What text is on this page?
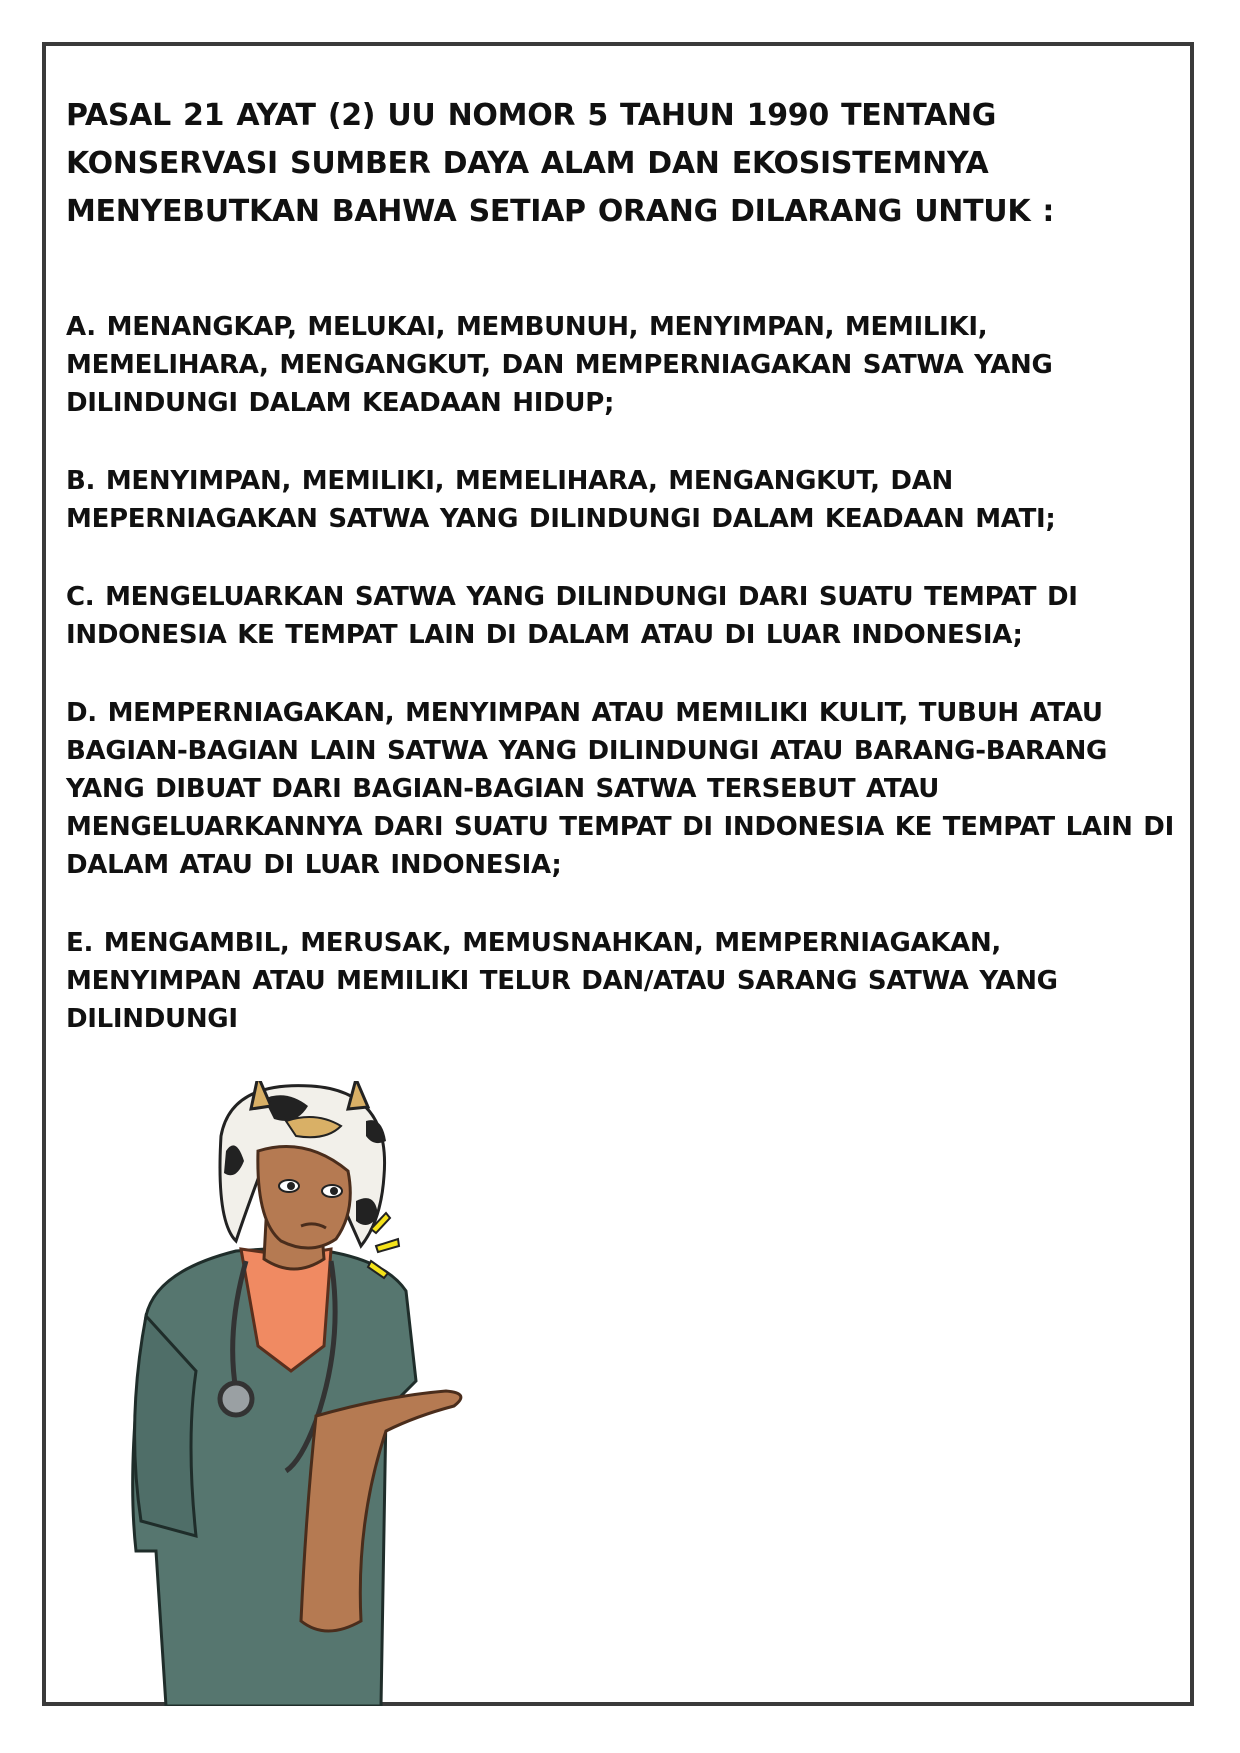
PASAL 21 AYAT (2) UU NOMOR 5 TAHUN 1990 TENTANG KONSERVASI SUMBER DAYA ALAM DAN EKOSISTEMNYA MENYEBUTKAN BAHWA SETIAP ORANG DILARANG UNTUK :

A. MENANGKAP, MELUKAI, MEMBUNUH, MENYIMPAN, MEMILIKI, MEMELIHARA, MENGANGKUT, DAN MEMPERNIAGAKAN SATWA YANG DILINDUNGI DALAM KEADAAN HIDUP;

B. MENYIMPAN, MEMILIKI, MEMELIHARA, MENGANGKUT, DAN MEPERNIAGAKAN SATWA YANG DILINDUNGI DALAM KEADAAN MATI;

C. MENGELUARKAN SATWA YANG DILINDUNGI DARI SUATU TEMPAT DI INDONESIA KE TEMPAT LAIN DI DALAM ATAU DI LUAR INDONESIA;

D. MEMPERNIAGAKAN, MENYIMPAN ATAU MEMILIKI KULIT, TUBUH ATAU BAGIAN-BAGIAN LAIN SATWA YANG DILINDUNGI ATAU BARANG-BARANG YANG DIBUAT DARI BAGIAN-BAGIAN SATWA TERSEBUT ATAU MENGELUARKANNYA DARI SUATU TEMPAT DI INDONESIA KE TEMPAT LAIN DI DALAM ATAU DI LUAR INDONESIA;

E. MENGAMBIL, MERUSAK, MEMUSNAHKAN, MEMPERNIAGAKAN, MENYIMPAN ATAU MEMILIKI TELUR DAN/ATAU SARANG SATWA YANG DILINDUNGI
